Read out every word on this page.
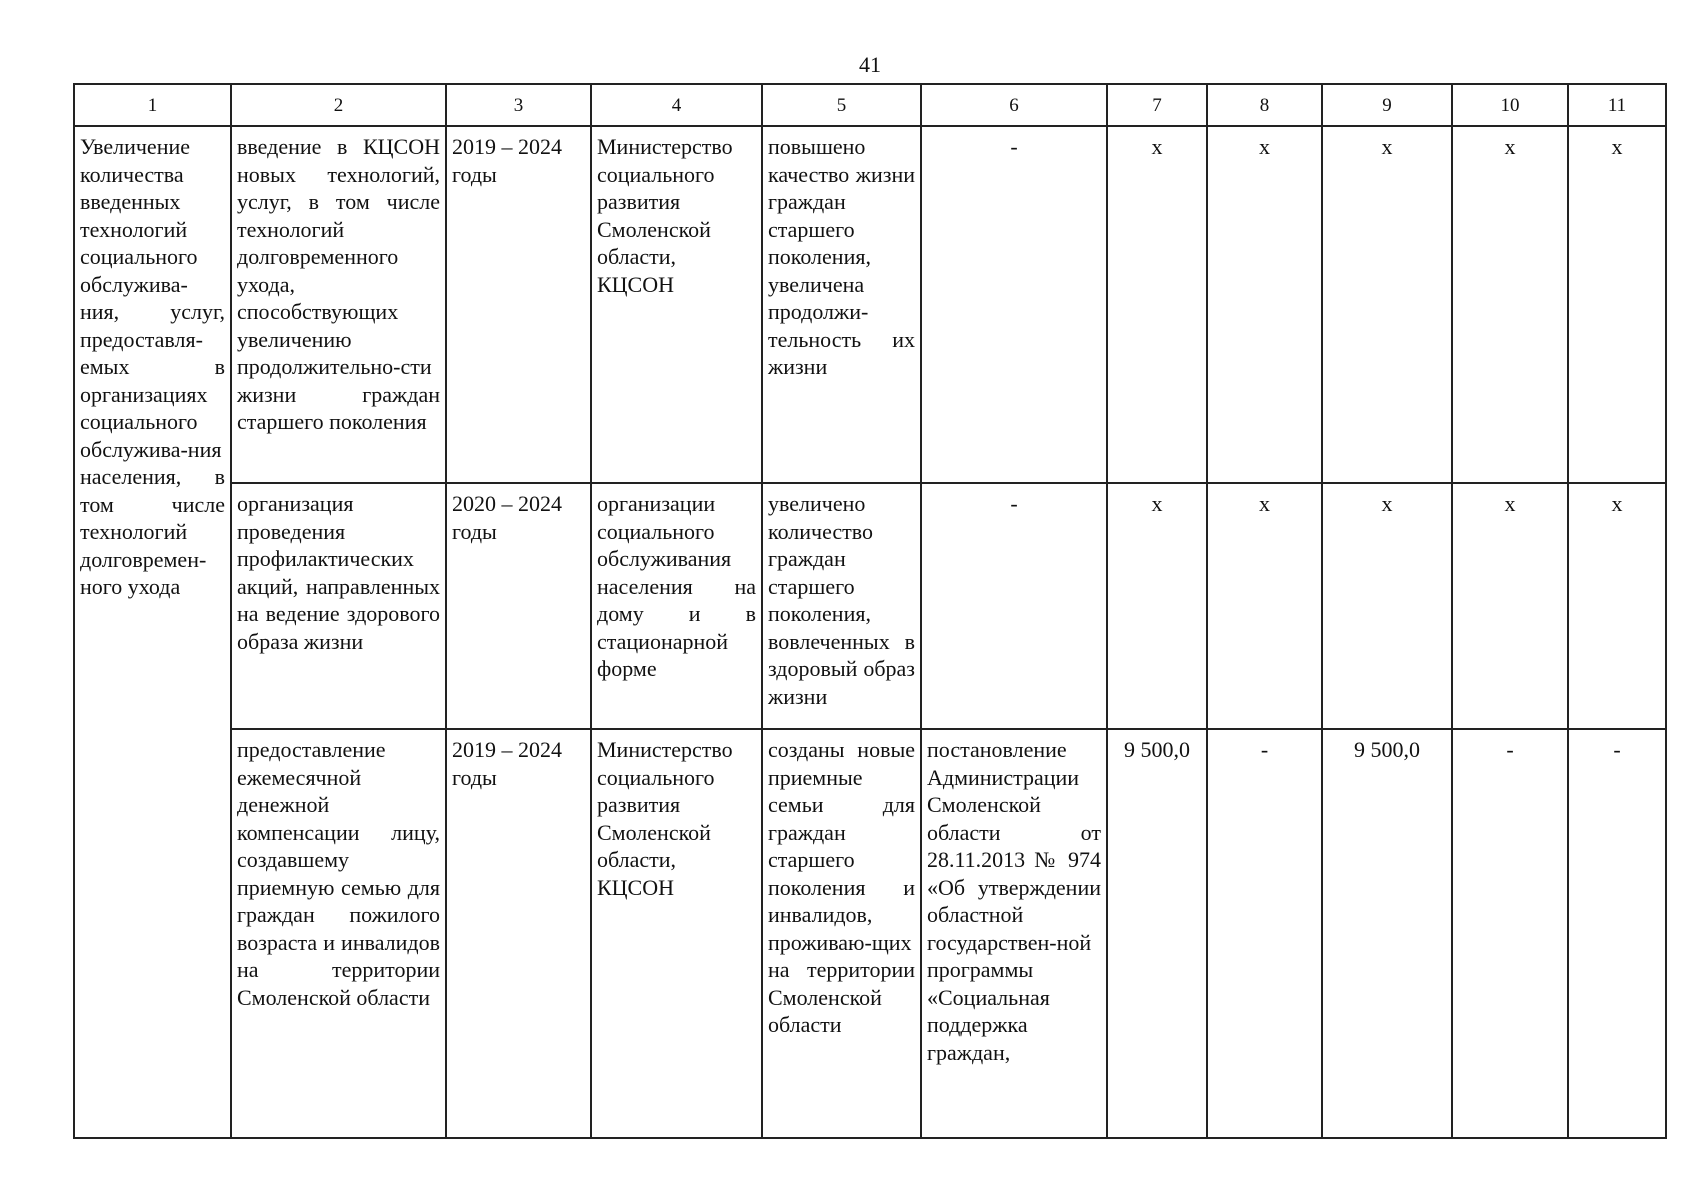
41
1	2	3	4	5	6	7	8	9	10	11
Увеличение количества введенных технологий социального обслужива-ния, услуг, предоставля-емых в организациях социального обслужива-ния населения, в том числе технологий долговремен-ного ухода	введение в КЦСОН новых технологий, услуг, в том числе технологий долговременного ухода, способствующих увеличению продолжительно-сти жизни граждан старшего поколения	2019 – 2024 годы	Министерство социального развития Смоленской области, КЦСОН	повышено качество жизни граждан старшего поколения, увеличена продолжи-тельность их жизни	-	x	x	x	x	x
	организация проведения профилактических акций, направленных на ведение здорового образа жизни	2020 – 2024 годы	организации социального обслуживания населения на дому и в стационарной форме	увеличено количество граждан старшего поколения, вовлеченных в здоровый образ жизни	-	x	x	x	x	x
	предоставление ежемесячной денежной компенсации лицу, создавшему приемную семью для граждан пожилого возраста и инвалидов на территории Смоленской области	2019 – 2024 годы	Министерство социального развития Смоленской области, КЦСОН	созданы новые приемные семьи для граждан старшего поколения и инвалидов, проживаю-щих на территории Смоленской области	постановление Администрации Смоленской области от 28.11.2013 № 974 «Об утверждении областной государствен-ной программы «Социальная поддержка граждан,	9 500,0	-	9 500,0	-	-
